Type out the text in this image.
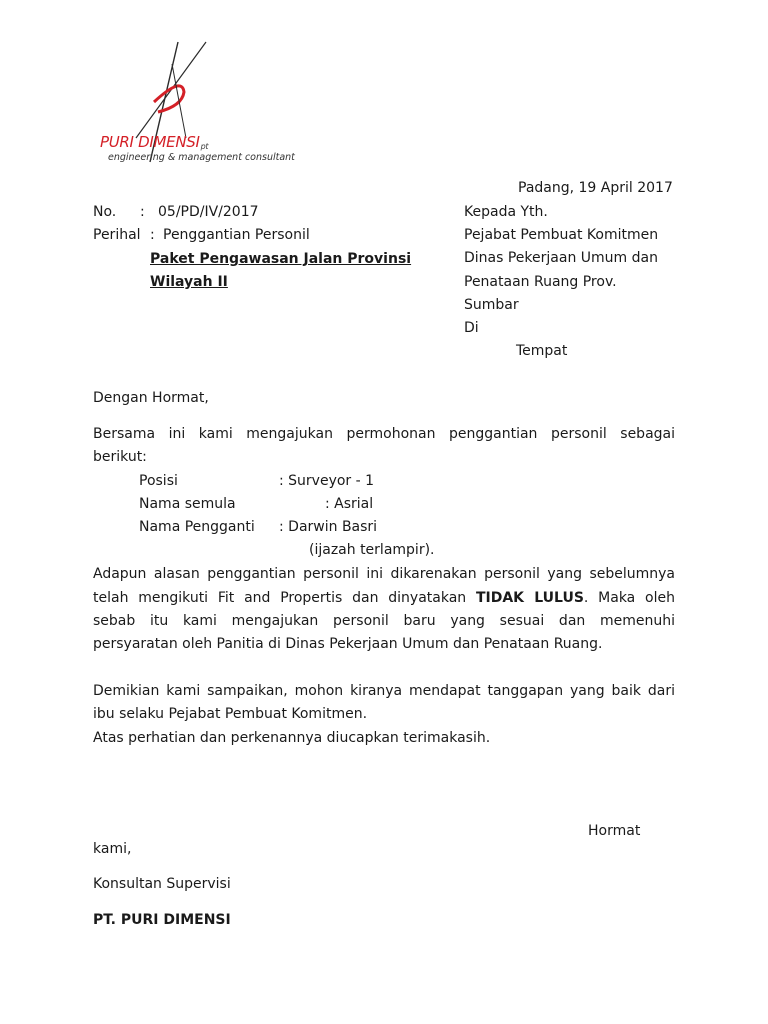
PURI $DIMENSI_{pt}$
engineering & management consultant
Padang, 19 April 2017
No. : 05/PD/IV/2017
Perihal : Penggantian Personil
Paket Pengawasan Jalan Provinsi
Wilayah II
Kepada Yth.
Pejabat Pembuat Komitmen
Dinas Pekerjaan Umum dan
Penataan Ruang Prov.
Sumbar
Di
Tempat
Dengan Hormat,
Bersama ini kami mengajukan permohonan penggantian personil sebagai
berikut:
Posisi	: Surveyor - 1
Nama semula	: Asrial
Nama Pengganti : Darwin Basri
(ijazah terlampir).
Adapun alasan penggantian personil ini dikarenakan personil yang sebelumnya
telah mengikuti Fit and Propertis dan dinyatakan TIDAK LULUS. Maka oleh
sebab itu kami mengajukan personil baru yang sesuai dan memenuhi
persyaratan oleh Panitia di Dinas Pekerjaan Umum dan Penataan Ruang.
Demikian kami sampaikan, mohon kiranya mendapat tanggapan yang baik dari
ibu selaku Pejabat Pembuat Komitmen.
Atas perhatian dan perkenannya diucapkan terimakasih.
Hormat
kami,
Konsultan Supervisi
PT. PURI DIMENSI
